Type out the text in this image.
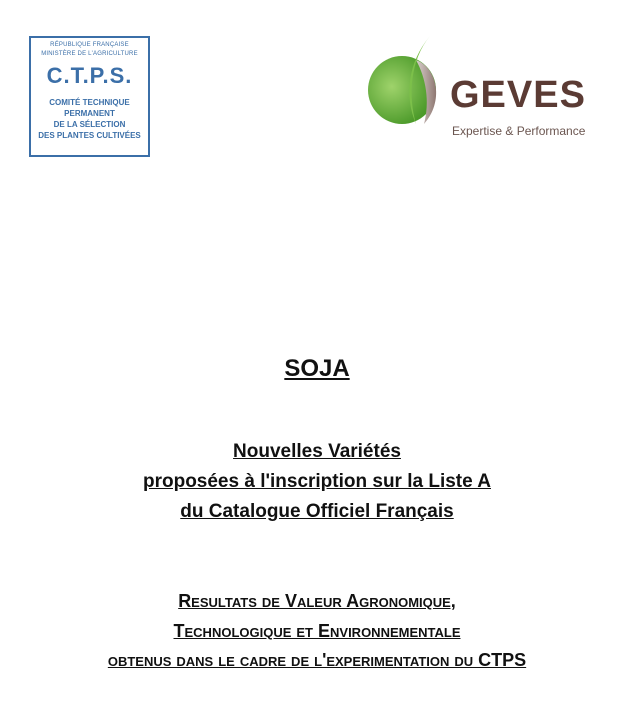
RÉPUBLIQUE FRANÇAISE
MINISTÈRE DE L'AGRICULTURE
C.T.P.S.
COMITÉ TECHNIQUE
PERMANENT
DE LA SÉLECTION
DES PLANTES CULTIVÉES
GEVES
Expertise & Performance
SOJA
Nouvelles Variétés
proposées à l'inscription sur la Liste A
du Catalogue Officiel Français
Resultats de Valeur Agronomique,
Technologique et Environnementale
obtenus dans le cadre de l'experimentation du CTPS
